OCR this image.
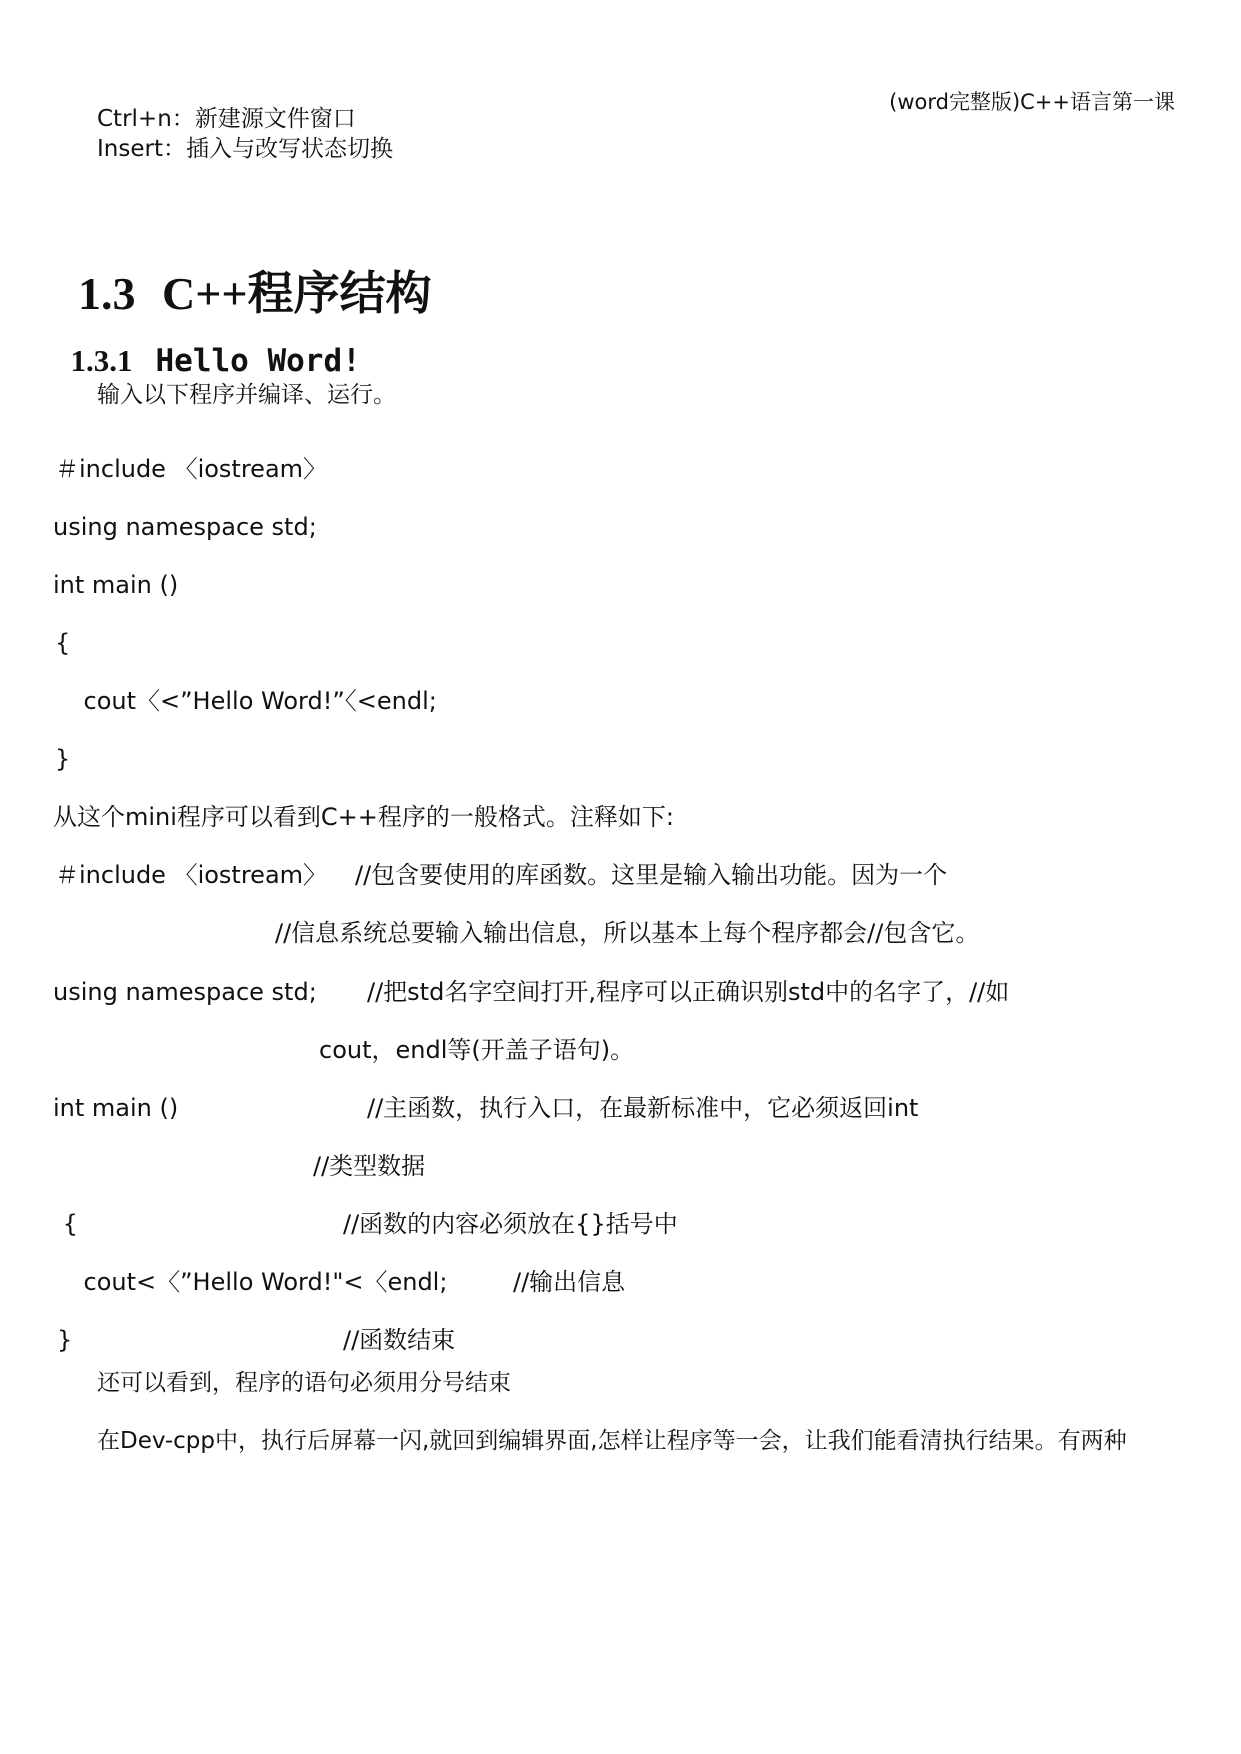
(word完整版)C++语言第一课
Ctrl+n：新建源文件窗口
Insert：插入与改写状态切换

1.3 C++程序结构

1.3.1 Hello Word!

输入以下程序并编译、运行。
＃include 〈iostream〉
using namespace std;
int main ()
{
cout〈<”Hello Word!”〈<endl;
}
从这个mini程序可以看到C++程序的一般格式。注释如下:
＃include 〈iostream〉 //包含要使用的库函数。这里是输入输出功能。因为一个
//信息系统总要输入输出信息，所以基本上每个程序都会//包含它。
using namespace std; //把std名字空间打开,程序可以正确识别std中的名字了，//如
cout，endl等(开盖子语句)。
int main ()	//主函数，执行入口，在最新标准中，它必须返回int
//类型数据
{	//函数的内容必须放在{}括号中
cout<〈”Hello Word!"<〈endl;	//输出信息
}	//函数结束
还可以看到，程序的语句必须用分号结束
在Dev-cpp中，执行后屏幕一闪,就回到编辑界面,怎样让程序等一会，让我们能看清执行结果。有两种
